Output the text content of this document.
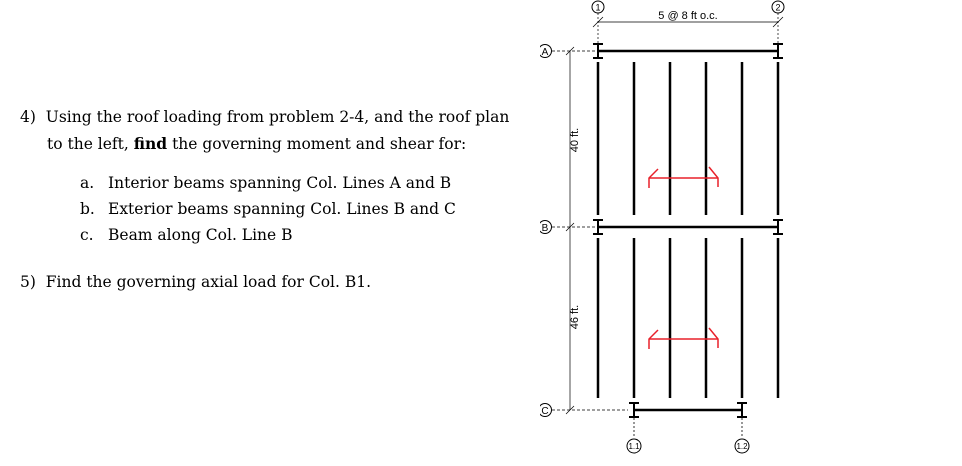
4) Using the roof loading from problem 2-4, and the roof plan
to the left, find the governing moment and shear for:
a. Interior beams spanning Col. Lines A and B
b. Exterior beams spanning Col. Lines B and C
c. Beam along Col. Line B
5) Find the governing axial load for Col. B1.
1	2
5 @ 8 ft o.c.
A
B
C
40 ft.
46 ft.
1.1	1.2
